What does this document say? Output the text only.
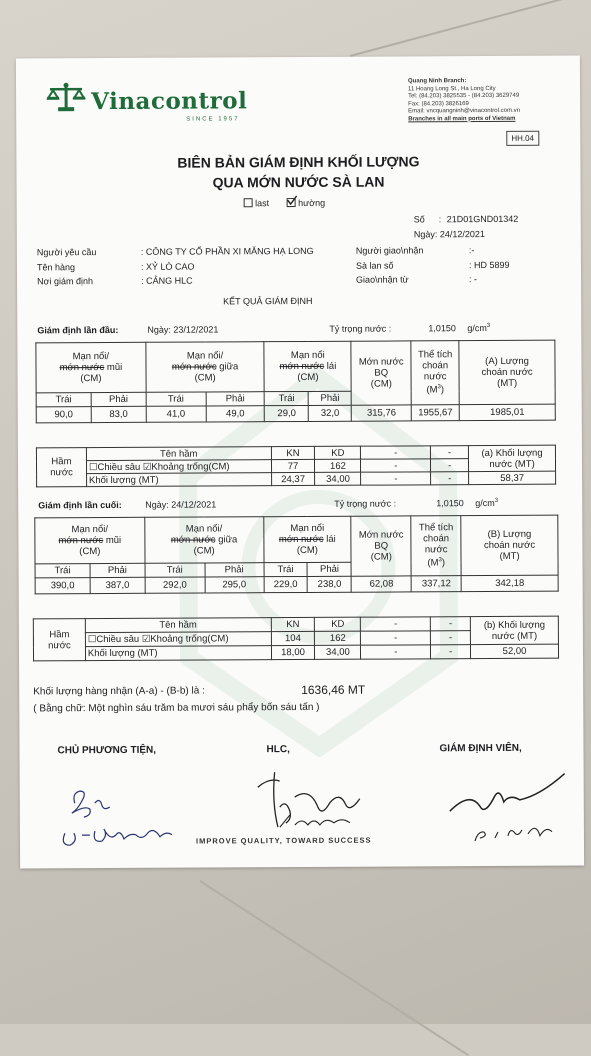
Vinacontrol
SINCE 1957
Quang Ninh Branch:
11 Hoang Long St., Ha Long City
Tel: (84.203) 3825535 - (84.203) 3629749
Fax: (84.203) 3826169
Email: vncquangninh@vinacontrol.com.vn
Branches in all main ports of Vietnam
HH.04
BIÊN BẢN GIÁM ĐỊNH KHỐI LƯỢNG
QUA MỚN NƯỚC SÀ LAN
last	hường
Số : 21D01GND01342
Ngày: 24/12/2021
Người yêu cầu	: CÔNG TY CỔ PHẦN XI MĂNG HẠ LONG	Người giao\nhận	:-
Tên hàng	: XỶ LÒ CAO	Sà lan số	: HD 5899
Nơi giám định	: CẢNG HLC	Giao\nhận từ	: -
KẾT QUẢ GIÁM ĐỊNH
Giám định lần đầu:	Ngày: 23/12/2021	Tỷ trọng nước :	1,0150 $g/cm^3$
Mạn nổi/
mớn nước mũi
(CM)		Mạn nổi/
mớn nước giữa
(CM)		Mạn nổi
mớn nước lái
(CM)		Mớn nước
BQ
(CM)	Thể tích
choán
nước
$(M^3)$	(A) Lượng
choán nước
(MT)
Trái	Phải	Trái	Phải	Trái	Phải			
90,0	83,0	41,0	49,0	29,0	32,0	315,76	1955,67	1985,01
Hầm
nước	Tên hầm	KN	KD	-	-	(a) Khối lượng
nước (MT)
	☐Chiều sâu ☑Khoảng trống(CM)	77	162	-	-	
	Khối lượng (MT)	24,37	34,00	-	-	58,37
Giám định lần cuối:	Ngày: 24/12/2021	Tỷ trọng nước :	1,0150 $g/cm^3$
Mạn nổi/
mớn nước mũi
(CM)		Mạn nổi/
mớn nước giữa
(CM)		Mạn nổi
mớn nước lái
(CM)		Mớn nước
BQ
(CM)	Thể tích
choán
nước
$(M^3)$	(B) Lượng
choán nước
(MT)
Trái	Phải	Trái	Phải	Trái	Phải			
390,0	387,0	292,0	295,0	229,0	238,0	62,08	337,12	342,18
Hầm
nước	Tên hầm	KN	KD	-	-	(b) Khối lượng
nước (MT)
	☐Chiều sâu ☑Khoảng trống(CM)	104	162	-	-	
	Khối lượng (MT)	18,00	34,00	-	-	52,00
Khối lượng hàng nhận (A-a) - (B-b) là :	1636,46 MT
( Bằng chữ: Một nghìn sáu trăm ba mươi sáu phẩy bốn sáu tấn )
CHỦ PHƯƠNG TIỆN,	HLC,	GIÁM ĐỊNH VIÊN,
IMPROVE QUALITY, TOWARD SUCCESS
